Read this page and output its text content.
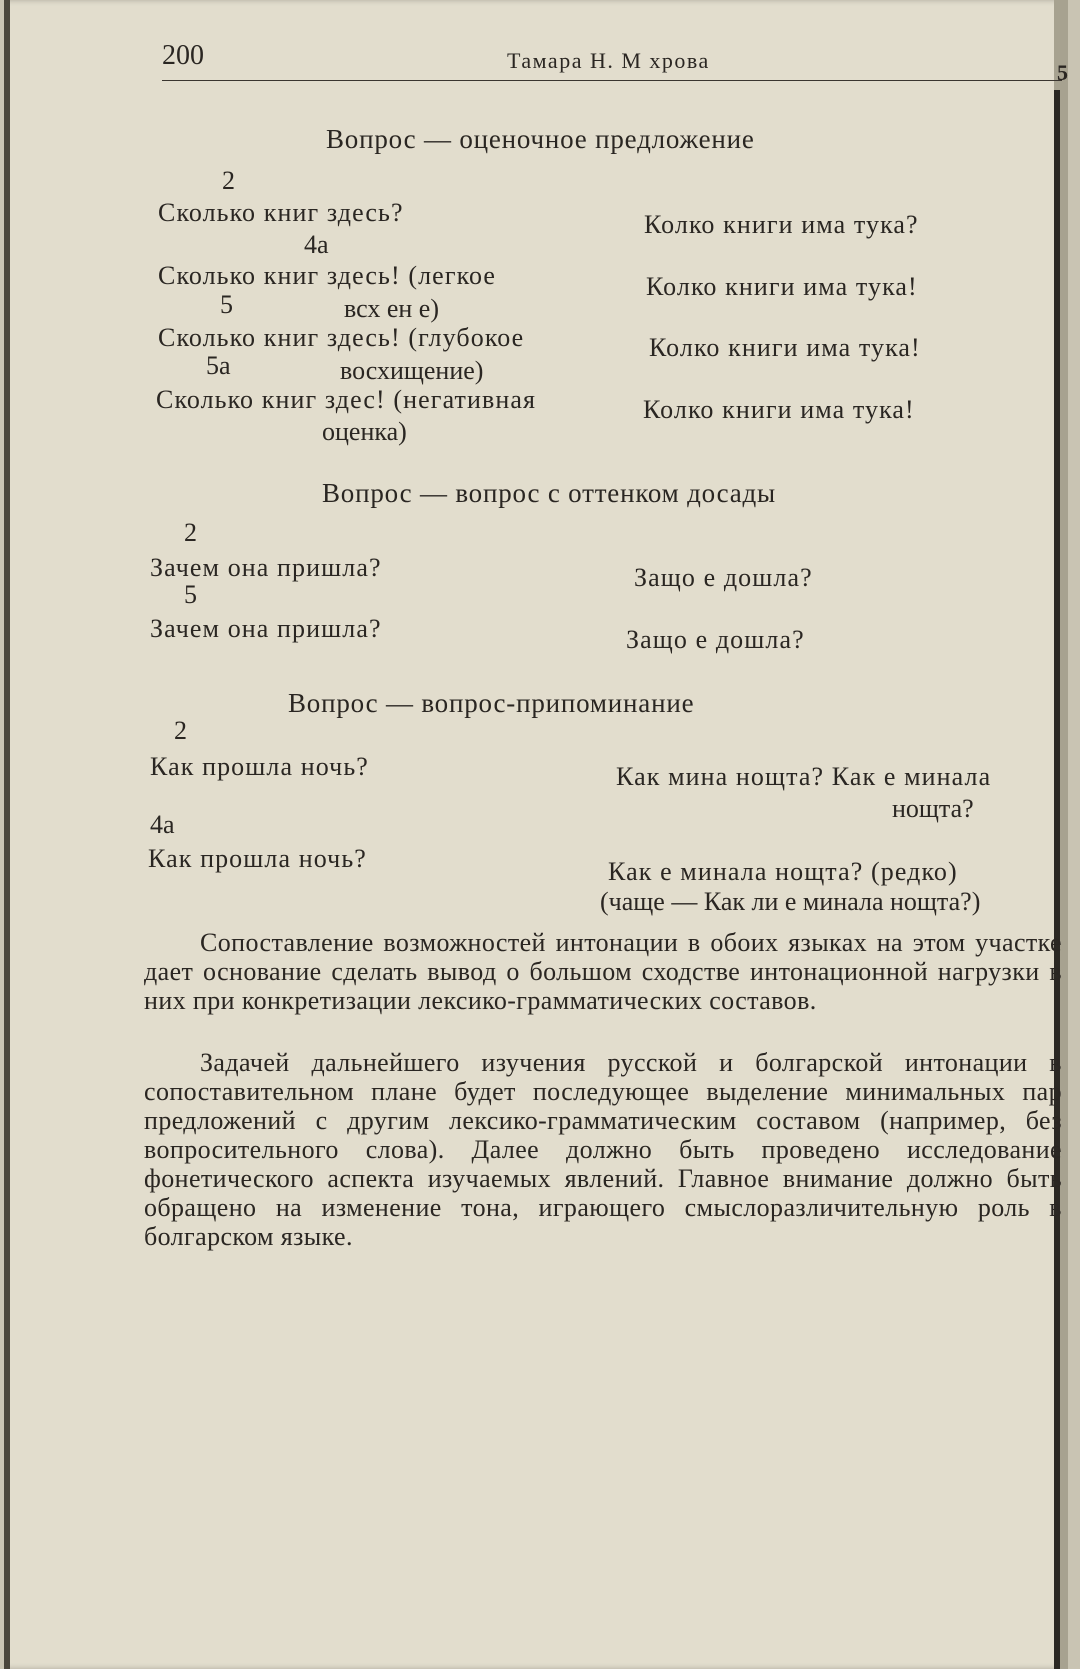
200	Тамара Н. М хрова	5
Вопрос — оценочное предложение
2
Сколько книг здесь?	Колко книги има тука?
4а
Сколько книг здесь! (легкое	Колко книги има тука!
всх ен е)
5
Сколько книг здесь! (глубокое	Колко книги има тука!
восхищение)
5а
Сколько книг здес! (негативная	Колко книги има тука!
оценка)
Вопрос — вопрос с оттенком досады
2
Зачем она пришла?	Защо е дошла?
5
Зачем она пришла?	Защо е дошла?
Вопрос — вопрос-припоминание
2
Как прошла ночь?	Как мина нощта? Как е минала
нощта?
4а
Как прошла ночь?	Как е минала нощта? (редко)
(чаще — Как ли е минала нощта?)
Сопоставление возможностей интонации в обоих языках на этом участке дает основание сделать вывод о большом сходстве интонационной нагрузки в них при конкретизации лексико-грамматических составов.
Задачей дальнейшего изучения русской и болгарской интонации в сопоставительном плане будет последующее выделение минимальных пар предложений с другим лексико-грамматическим составом (например, без вопросительного слова). Далее должно быть проведено исследование фонетического аспекта изучаемых явлений. Главное внимание должно быть обращено на изменение тона, играющего смыслоразличительную роль в болгарском языке.
